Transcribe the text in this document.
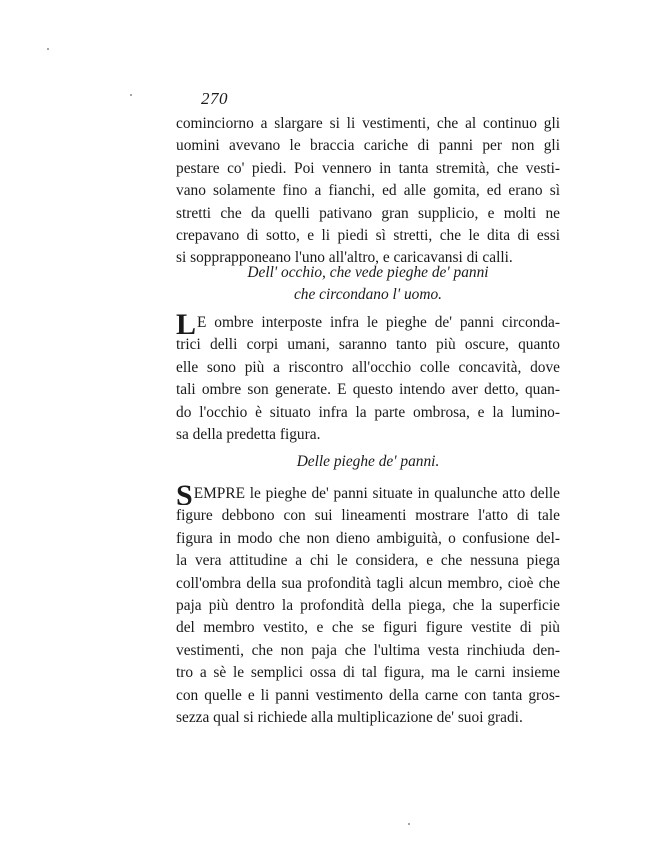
270
cominciorno a slargare si li vestimenti, che al continuo gli
uomini avevano le braccia cariche di panni per non gli
pestare co' piedi. Poi vennero in tanta stremità, che vesti-
vano solamente fino a fianchi, ed alle gomita, ed erano sì
stretti che da quelli pativano gran supplicio, e molti ne
crepavano di sotto, e li piedi sì stretti, che le dita di essi
si sopprapponeano l'uno all'altro, e caricavansi di calli.
Dell' occhio, che vede pieghe de' panni
che circondano l' uomo.
L E ombre interposte infra le pieghe de' panni circonda-
trici delli corpi umani, saranno tanto più oscure, quanto
elle sono più a riscontro all'occhio colle concavità, dove
tali ombre son generate. E questo intendo aver detto, quan-
do l'occhio è situato infra la parte ombrosa, e la lumino-
sa della predetta figura.
Delle pieghe de' panni.
SEMPRE le pieghe de' panni situate in qualunche atto delle
figure debbono con sui lineamenti mostrare l'atto di tale
figura in modo che non dieno ambiguità, o confusione del-
la vera attitudine a chi le considera, e che nessuna piega
coll'ombra della sua profondità tagli alcun membro, cioè che
paja più dentro la profondità della piega, che la superficie
del membro vestito, e che se figuri figure vestite di più
vestimenti, che non paja che l'ultima vesta rinchiuda den-
tro a sè le semplici ossa di tal figura, ma le carni insieme
con quelle e li panni vestimento della carne con tanta gros-
sezza qual si richiede alla multiplicazione de' suoi gradi.
